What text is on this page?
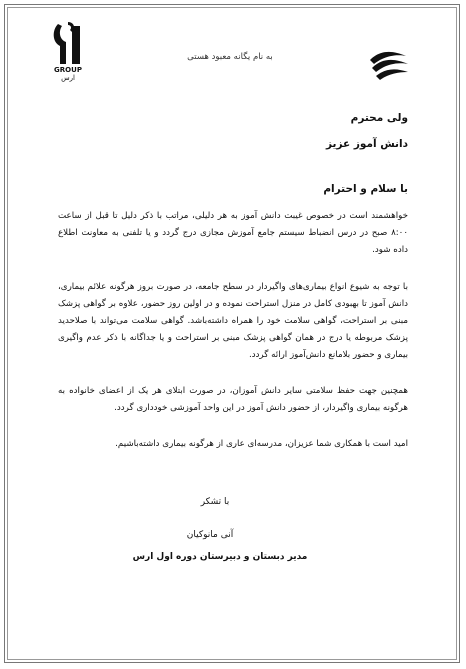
GROUP
ارس
به نام یگانه معبود هستی
ولی محترم
دانش آموز عزیز
با سلام و احترام
خواهشمند است در خصوص غیبت دانش آموز به هر دلیلی، مراتب با ذکر دلیل تا قبل از ساعت ۸:۰۰ صبح در درس انضباط سیستم جامع آموزش مجازی درج گردد و یا تلفنی به معاونت اطلاع داده شود.
با توجه به شیوع انواع بیماری‌های واگیردار در سطح جامعه، در صورت بروز هرگونه علائم بیماری، دانش آموز تا بهبودی کامل در منزل استراحت نموده و در اولین روز حضور، علاوه بر گواهی پزشک مبنی بر استراحت، گواهی سلامت خود را همراه داشته‌باشد. گواهی سلامت می‌تواند با صلاحدید پزشک مربوطه یا درج در همان گواهی پزشک مبنی بر استراحت و یا جداگانه با ذکر عدم واگیری بیماری و حضور بلامانع دانش‌آموز ارائه گردد.
همچنین جهت حفظ سلامتی سایر دانش آموزان، در صورت ابتلای هر یک از اعضای خانواده به هرگونه بیماری واگیردار، از حضور دانش آموز در این واحد آموزشی خودداری گردد.
امید است با همکاری شما عزیزان، مدرسه‌ای عاری از هرگونه بیماری داشته‌باشیم.
با تشکر
آنی مانوکیان
مدیر دبستان و دبیرستان دوره اول ارس
